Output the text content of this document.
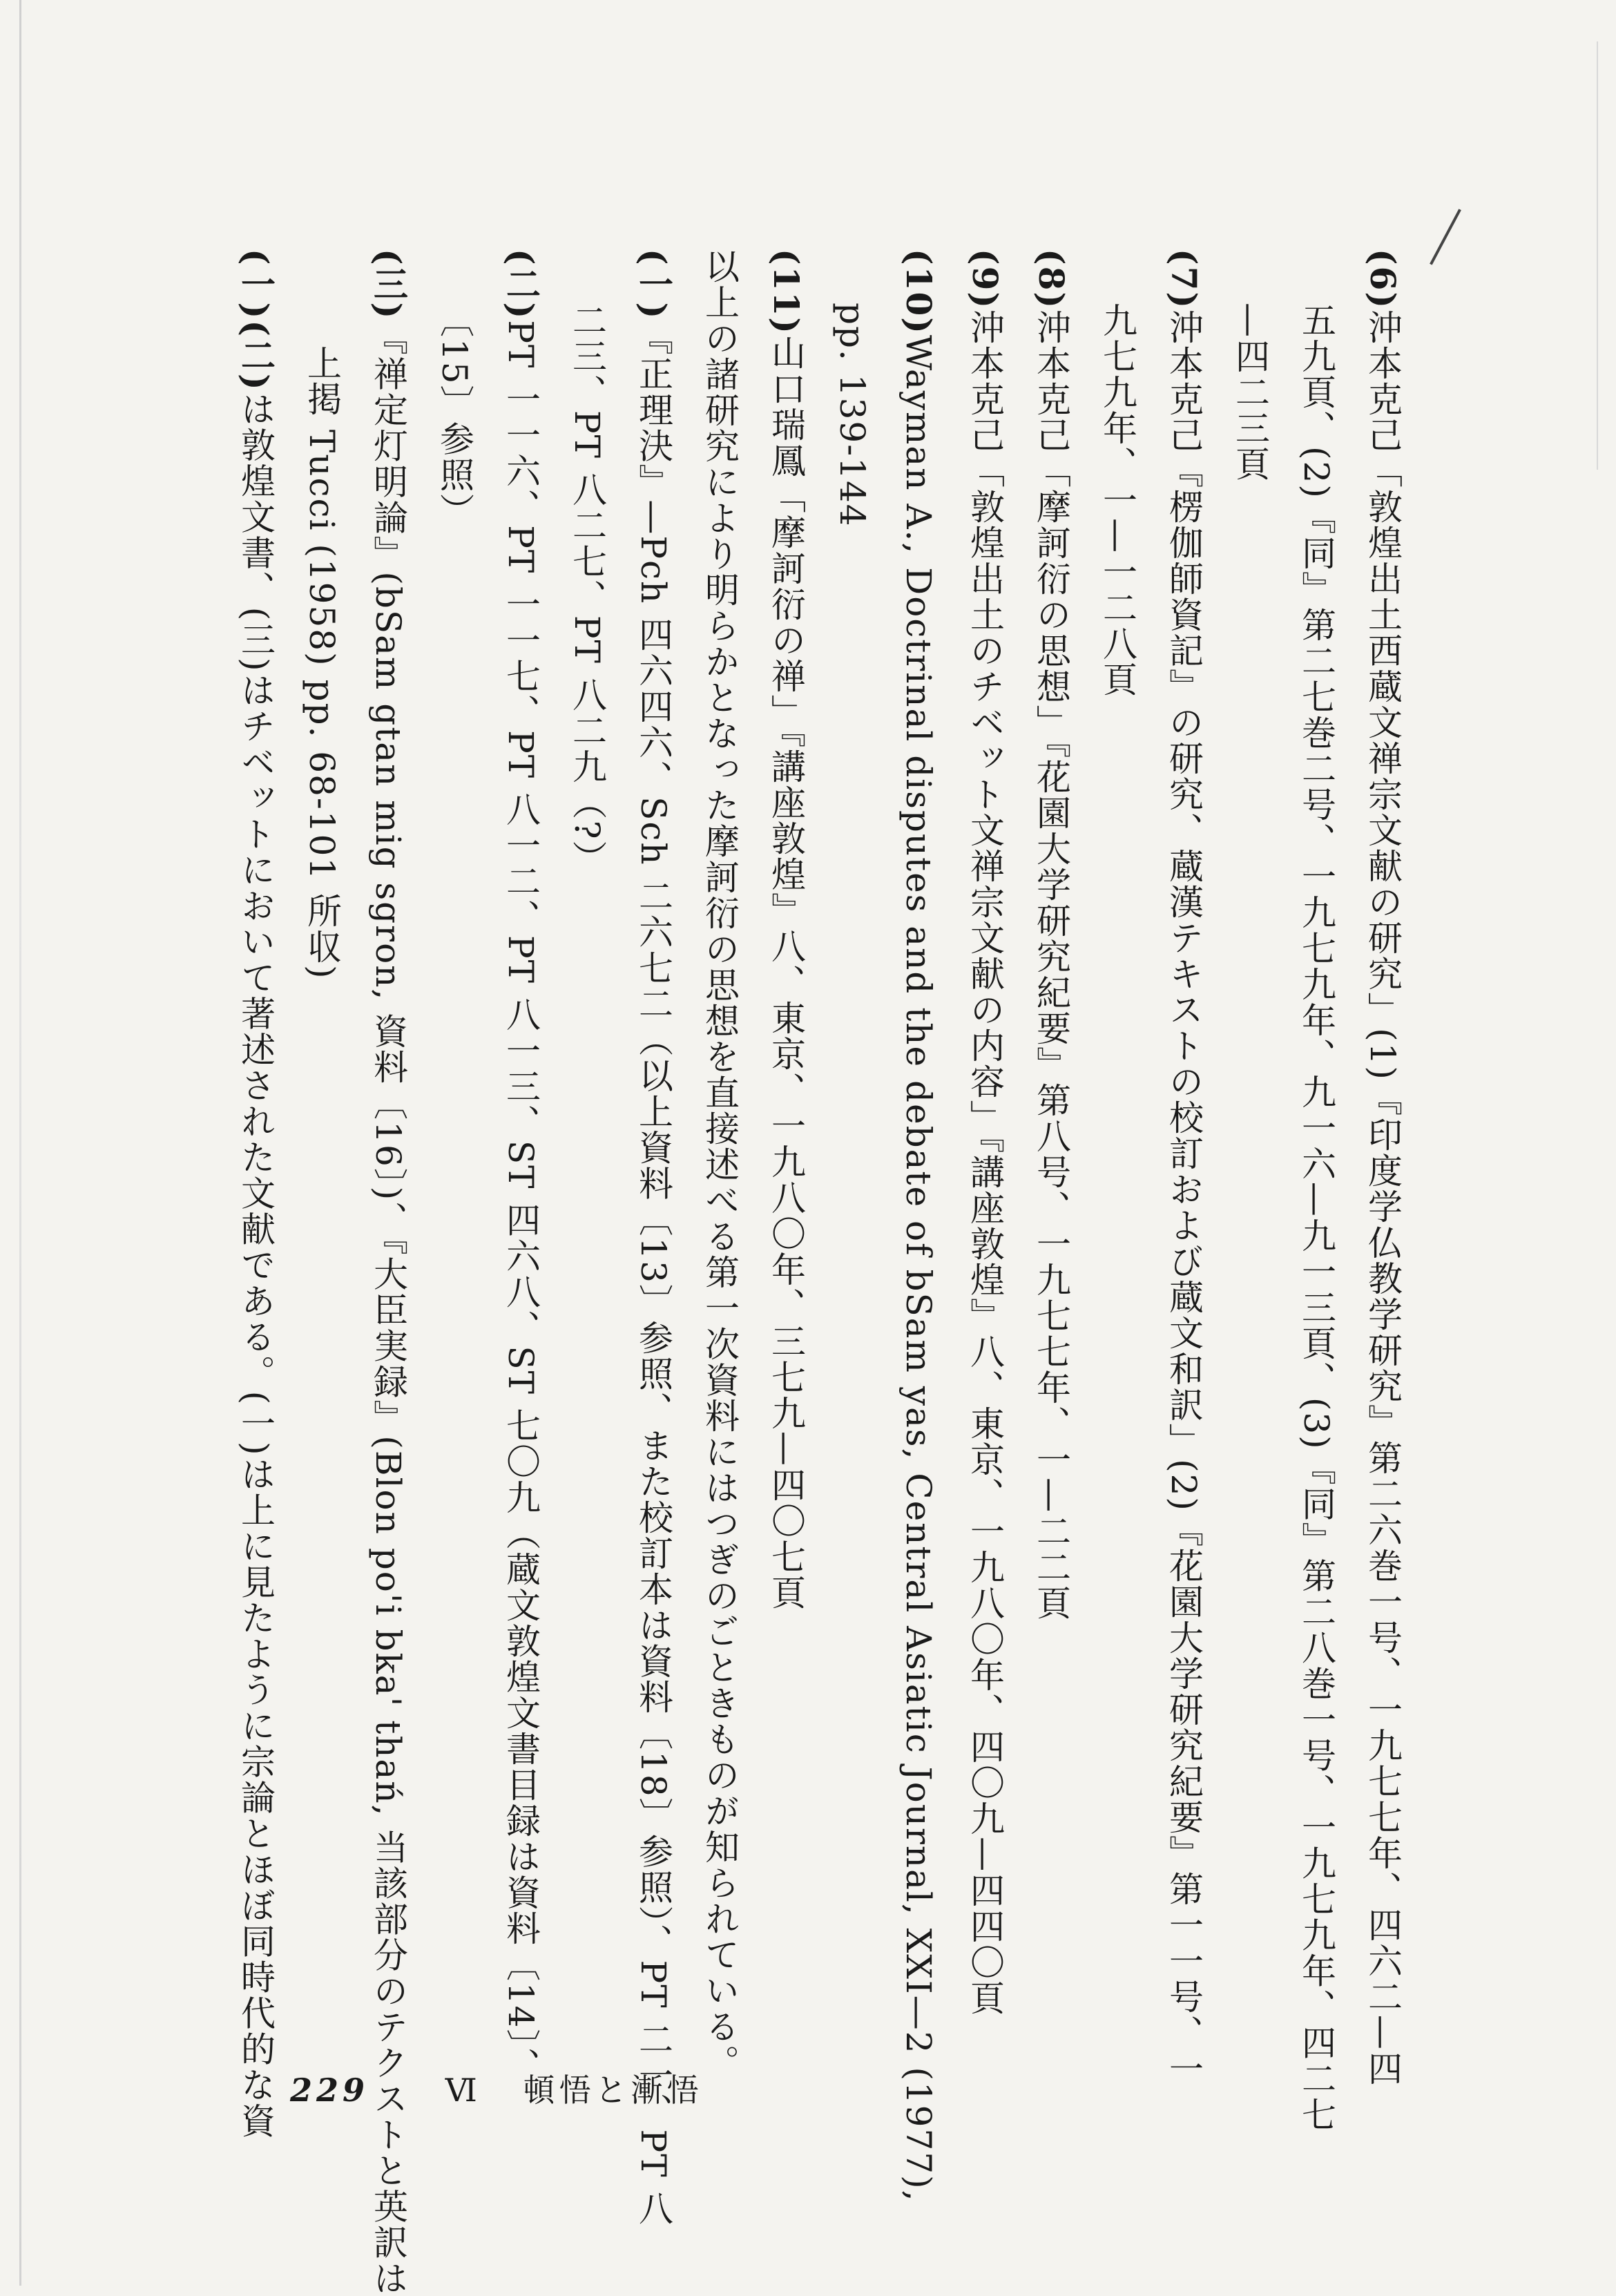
(6)沖本克己「敦煌出土西蔵文禅宗文献の研究」(1)『印度学仏教学研究』第二六巻一号、一九七七年、四六二—四
五九頁、(2)『同』第二七巻二号、一九七九年、九一六—九一三頁、(3)『同』第二八巻一号、一九七九年、四二七
—四二三頁
(7)沖本克己『楞伽師資記』の研究、蔵漢テキストの校訂および蔵文和訳」(2)『花園大学研究紀要』第一一号、一
九七九年、一—一二八頁
(8)沖本克己「摩訶衍の思想」『花園大学研究紀要』第八号、一九七七年、一—二二頁
(9)沖本克己「敦煌出土のチベット文禅宗文献の内容」『講座敦煌』八、東京、一九八〇年、四〇九—四四〇頁
(10)Wayman A., Doctrinal disputes and the debate of bSam yas, Central Asiatic Journal, XXI—2 (1977),
pp. 139-144
(11)山口瑞鳳「摩訶衍の禅」『講座敦煌』八、東京、一九八〇年、三七九—四〇七頁
以上の諸研究により明らかとなった摩訶衍の思想を直接述べる第一次資料にはつぎのごときものが知られている。
(一)『正理決』—Pch 四六四六、Sch 二六七二（以上資料〔13〕参照、また校訂本は資料〔18〕参照）、PT 二一、PT 八
二三、PT 八二七、PT 八二九（?）
(二)PT 一一六、PT 一一七、PT 八一二、PT 八一三、ST 四六八、ST 七〇九（蔵文敦煌文書目録は資料〔14〕、
〔15〕参照）
(三)『禅定灯明論』(bSam gtan mig sgron, 資料〔16〕)、『大臣実録』(Blon po'i bka' thań, 当該部分のテクストと英訳は
上掲 Tucci (1958) pp. 68-101 所収)
(一)(二)は敦煌文書、(三)はチベットにおいて著述された文献である。(一)は上に見たように宗論とほぼ同時代的な資 229 Ⅵ 頓悟と漸悟
